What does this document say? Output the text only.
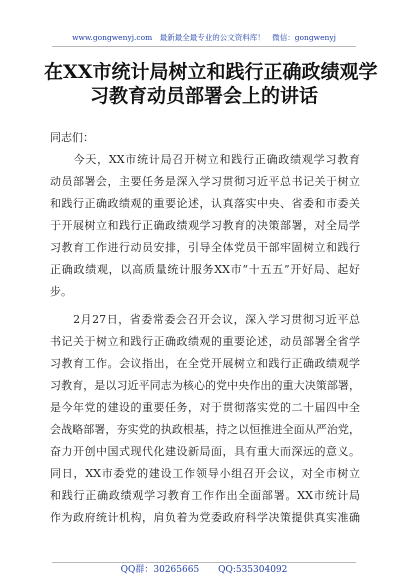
www.gongwenyj.com　最新最全最专业的公文资料库！　微信：gongwenyj
在XX市统计局树立和践行正确政绩观学
习教育动员部署会上的讲话
同志们：
　　今天，XX市统计局召开树立和践行正确政绩观学习教育
动员部署会，主要任务是深入学习贯彻习近平总书记关于树立
和践行正确政绩观的重要论述，认真落实中央、省委和市委关
于开展树立和践行正确政绩观学习教育的决策部署，对全局学
习教育工作进行动员安排，引导全体党员干部牢固树立和践行
正确政绩观，以高质量统计服务XX市“十五五”开好局、起好
步。
　　2月27日，省委常委会召开会议，深入学习贯彻习近平总
书记关于树立和践行正确政绩观的重要论述，动员部署全省学
习教育工作。会议指出，在全党开展树立和践行正确政绩观学
习教育，是以习近平同志为核心的党中央作出的重大决策部署，
是今年党的建设的重要任务，对于贯彻落实党的二十届四中全
会战略部署，夯实党的执政根基，持之以恒推进全面从严治党，
奋力开创中国式现代化建设新局面，具有重大而深远的意义。
同日，XX市委党的建设工作领导小组召开会议，对全市树立
和践行正确政绩观学习教育工作作出全面部署。XX市统计局
作为政府统计机构，肩负着为党委政府科学决策提供真实准确
QQ群：30265665 QQ:535304092
